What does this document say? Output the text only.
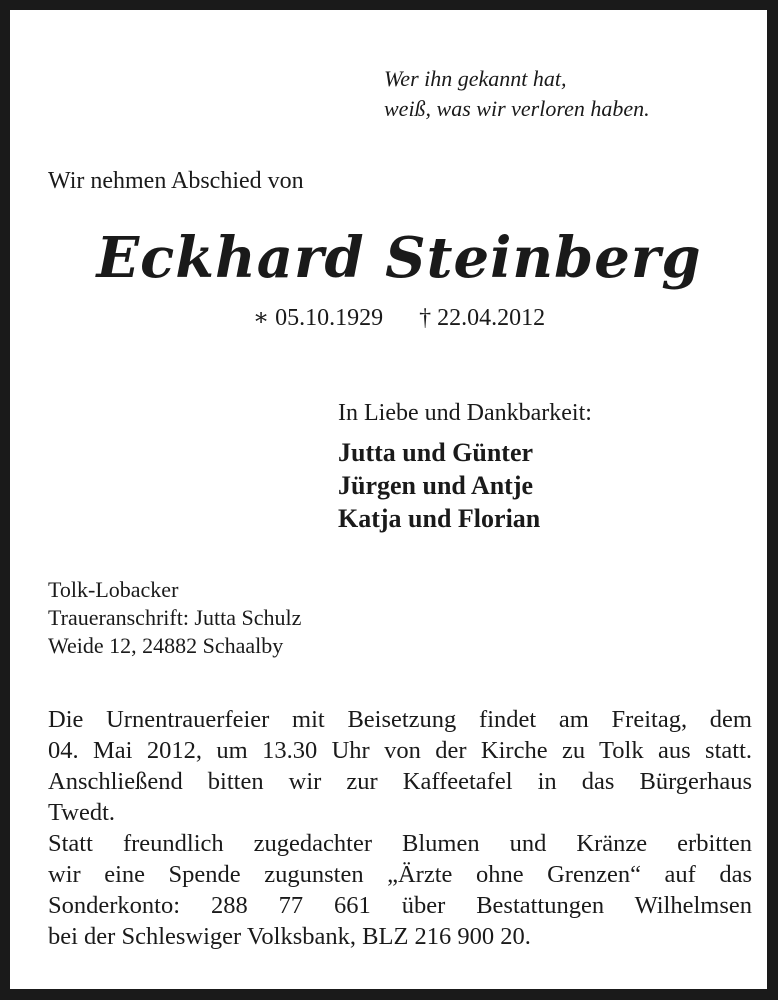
Wer ihn gekannt hat,
weiß, was wir verloren haben.
Wir nehmen Abschied von
Eckhard Steinberg
∗ 05.10.1929 † 22.04.2012
In Liebe und Dankbarkeit:
Jutta und Günter
Jürgen und Antje
Katja und Florian
Tolk-Lobacker
Traueranschrift: Jutta Schulz
Weide 12, 24882 Schaalby
Die Urnentrauerfeier mit Beisetzung findet am Freitag, dem
04. Mai 2012, um 13.30 Uhr von der Kirche zu Tolk aus statt.
Anschließend bitten wir zur Kaffeetafel in das Bürgerhaus
Twedt.
Statt freundlich zugedachter Blumen und Kränze erbitten
wir eine Spende zugunsten „Ärzte ohne Grenzen“ auf das
Sonderkonto: 288 77 661 über Bestattungen Wilhelmsen
bei der Schleswiger Volksbank, BLZ 216 900 20.
